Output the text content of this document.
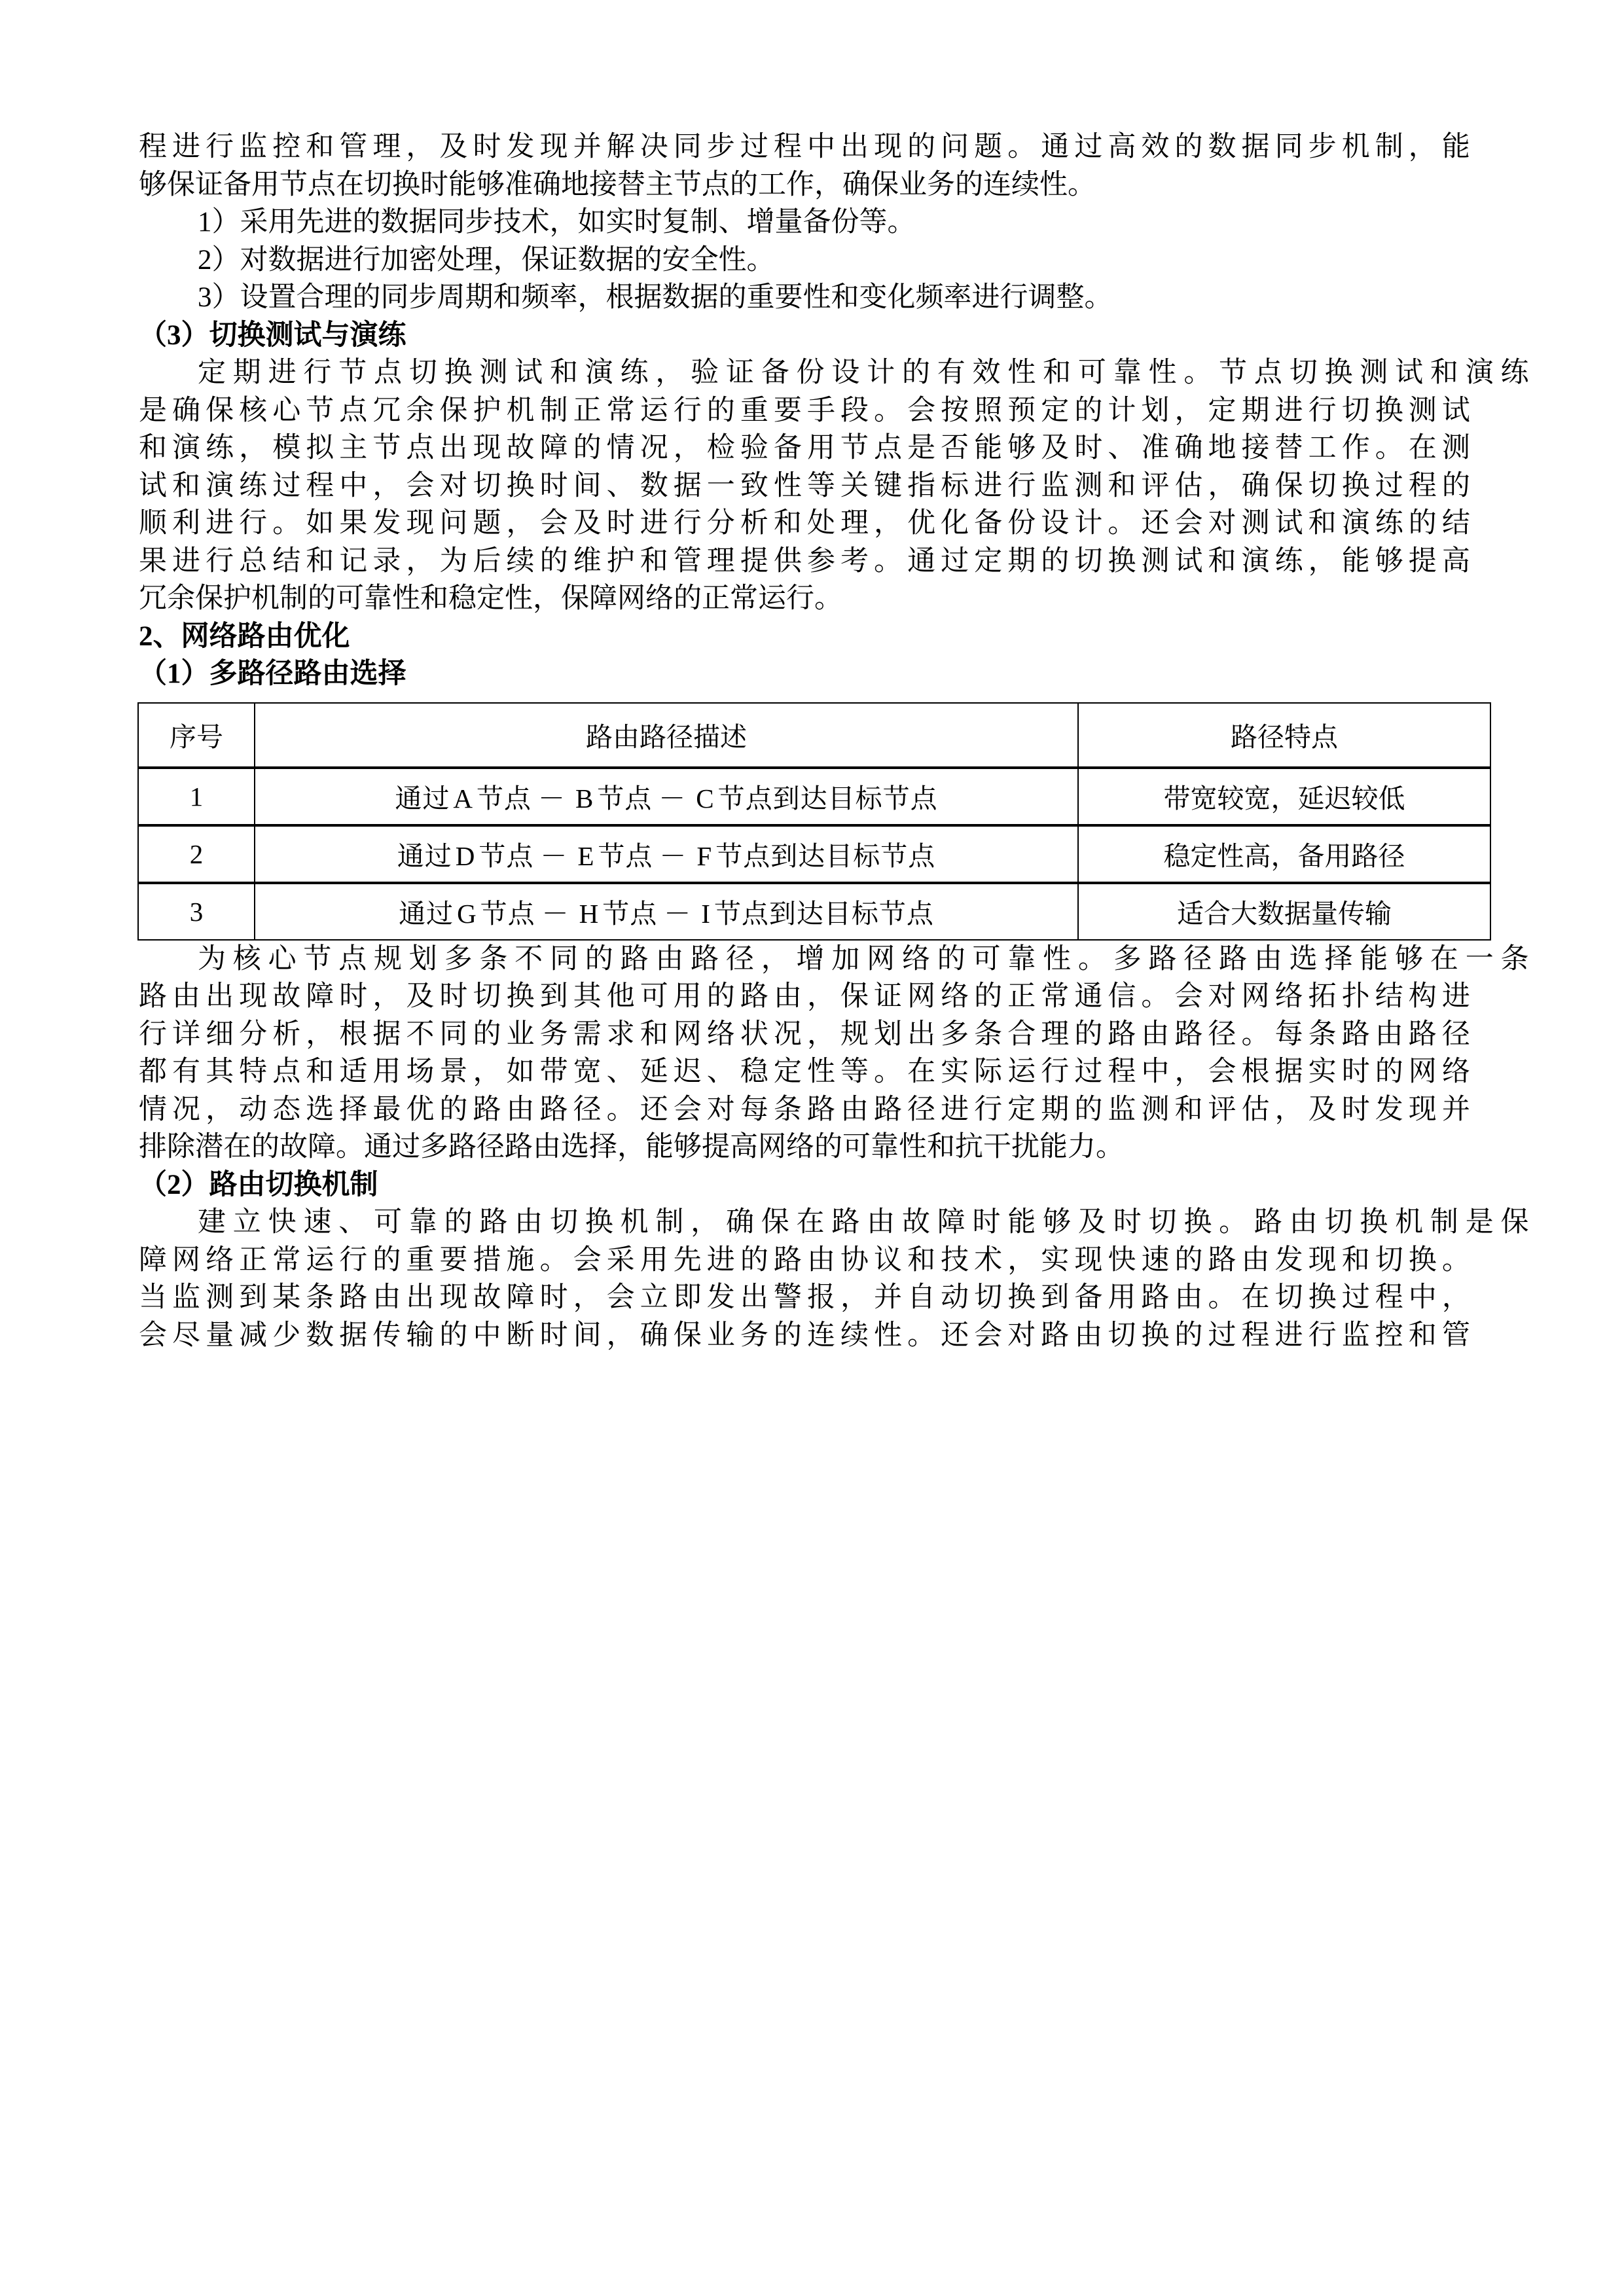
程 进 行 监 控 和 管 理 ， 及 时 发 现 并 解 决 同 步 过 程 中 出 现 的 问 题 。 通 过 高 效 的 数 据 同 步 机 制 ， 能
够保证备用节点在切换时能够准确地接替主节点的工作，确保业务的连续性。
1）采用先进的数据同步技术，如实时复制、增量备份等。
2）对数据进行加密处理，保证数据的安全性。
3）设置合理的同步周期和频率，根据数据的重要性和变化频率进行调整。
（3）切换测试与演练
定 期 进 行 节 点 切 换 测 试 和 演 练 ， 验 证 备 份 设 计 的 有 效 性 和 可 靠 性 。 节 点 切 换 测 试 和 演 练
是 确 保 核 心 节 点 冗 余 保 护 机 制 正 常 运 行 的 重 要 手 段 。 会 按 照 预 定 的 计 划 ， 定 期 进 行 切 换 测 试
和 演 练 ， 模 拟 主 节 点 出 现 故 障 的 情 况 ， 检 验 备 用 节 点 是 否 能 够 及 时 、 准 确 地 接 替 工 作 。 在 测
试 和 演 练 过 程 中 ， 会 对 切 换 时 间 、 数 据 一 致 性 等 关 键 指 标 进 行 监 测 和 评 估 ， 确 保 切 换 过 程 的
顺 利 进 行 。 如 果 发 现 问 题 ， 会 及 时 进 行 分 析 和 处 理 ， 优 化 备 份 设 计 。 还 会 对 测 试 和 演 练 的 结
果 进 行 总 结 和 记 录 ， 为 后 续 的 维 护 和 管 理 提 供 参 考 。 通 过 定 期 的 切 换 测 试 和 演 练 ， 能 够 提 高
冗余保护机制的可靠性和稳定性，保障网络的正常运行。
2、网络路由优化
（1）多路径路由选择
序号	路由路径描述	路径特点
1	通过 A 节点 － B 节点 － C 节点到达目标节点	带宽较宽，延迟较低
2	通过 D 节点 － E 节点 － F 节点到达目标节点	稳定性高，备用路径
3	通过 G 节点 － H 节点 － I 节点到达目标节点	适合大数据量传输
为 核 心 节 点 规 划 多 条 不 同 的 路 由 路 径 ， 增 加 网 络 的 可 靠 性 。 多 路 径 路 由 选 择 能 够 在 一 条
路 由 出 现 故 障 时 ， 及 时 切 换 到 其 他 可 用 的 路 由 ， 保 证 网 络 的 正 常 通 信 。 会 对 网 络 拓 扑 结 构 进
行 详 细 分 析 ， 根 据 不 同 的 业 务 需 求 和 网 络 状 况 ， 规 划 出 多 条 合 理 的 路 由 路 径 。 每 条 路 由 路 径
都 有 其 特 点 和 适 用 场 景 ， 如 带 宽 、 延 迟 、 稳 定 性 等 。 在 实 际 运 行 过 程 中 ， 会 根 据 实 时 的 网 络
情 况 ， 动 态 选 择 最 优 的 路 由 路 径 。 还 会 对 每 条 路 由 路 径 进 行 定 期 的 监 测 和 评 估 ， 及 时 发 现 并
排除潜在的故障。通过多路径路由选择，能够提高网络的可靠性和抗干扰能力。
（2）路由切换机制
建 立 快 速 、 可 靠 的 路 由 切 换 机 制 ， 确 保 在 路 由 故 障 时 能 够 及 时 切 换 。 路 由 切 换 机 制 是 保
障 网 络 正 常 运 行 的 重 要 措 施 。 会 采 用 先 进 的 路 由 协 议 和 技 术 ， 实 现 快 速 的 路 由 发 现 和 切 换 。
当 监 测 到 某 条 路 由 出 现 故 障 时 ， 会 立 即 发 出 警 报 ， 并 自 动 切 换 到 备 用 路 由 。 在 切 换 过 程 中 ，
会 尽 量 减 少 数 据 传 输 的 中 断 时 间 ， 确 保 业 务 的 连 续 性 。 还 会 对 路 由 切 换 的 过 程 进 行 监 控 和 管
